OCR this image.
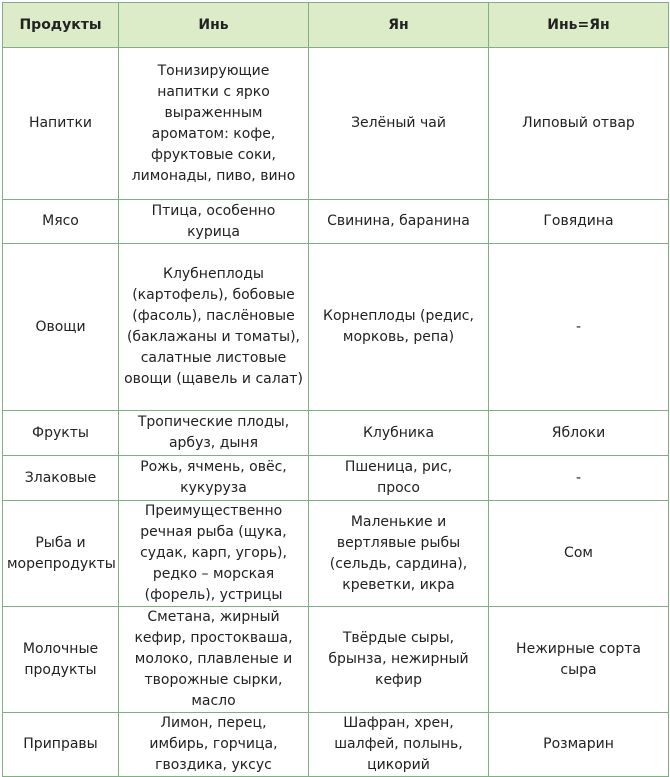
Продукты	Инь	Ян	Инь=Ян
Напитки	Тонизирующие напитки с ярко выраженным ароматом: кофе, фруктовые соки, лимонады, пиво, вино	Зелёный чай	Липовый отвар
Мясо	Птица, особенно курица	Свинина, баранина	Говядина
Овощи	Клубнеплоды (картофель), бобовые (фасоль), паслёновые (баклажаны и томаты), салатные листовые овощи (щавель и салат)	Корнеплоды (редис, морковь, репа)	-
Фрукты	Тропические плоды, арбуз, дыня	Клубника	Яблоки
Злаковые	Рожь, ячмень, овёс, кукуруза	Пшеница, рис, просо	-
Рыба и морепродукты	Преимущественно речная рыба (щука, судак, карп, угорь), редко – морская (форель), устрицы	Маленькие и вертлявые рыбы (сельдь, сардина), креветки, икра	Сом
Молочные продукты	Сметана, жирный кефир, простокваша, молоко, плавленые и творожные сырки, масло	Твёрдые сыры, брынза, нежирный кефир	Нежирные сорта сыра
Приправы	Лимон, перец, имбирь, горчица, гвоздика, уксус	Шафран, хрен, шалфей, полынь, цикорий	Розмарин
